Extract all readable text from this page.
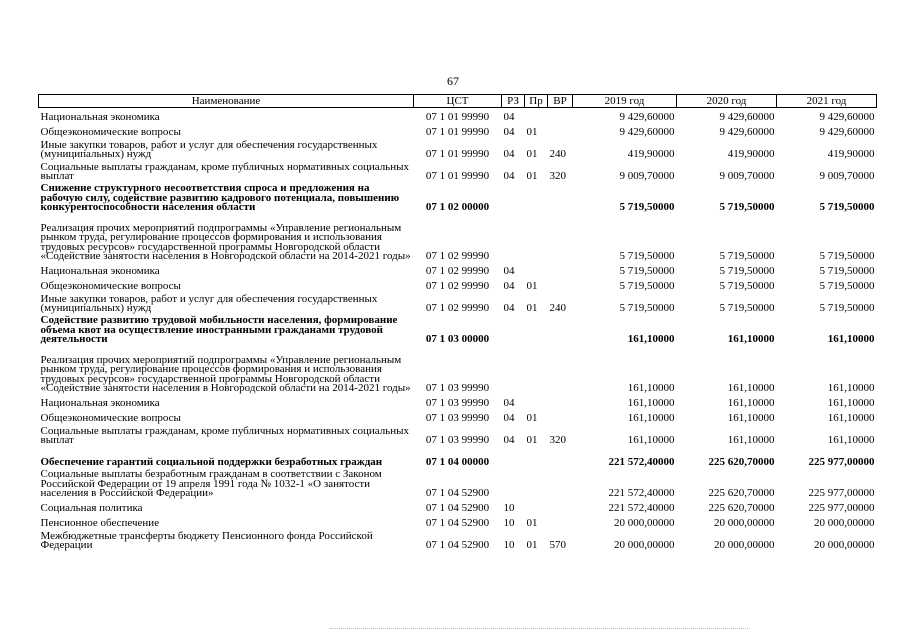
67
Наименование	ЦСТ	РЗ	Пр	ВР	2019 год	2020 год	2021 год
Национальная экономика	07 1 01 99990	04			9 429,60000	9 429,60000	9 429,60000
Общеэкономические вопросы	07 1 01 99990	04	01		9 429,60000	9 429,60000	9 429,60000
Иные закупки товаров, работ и услуг для обеспечения государственных (муниципальных) нужд	07 1 01 99990	04	01	240	419,90000	419,90000	419,90000
Социальные выплаты гражданам, кроме публичных нормативных социальных выплат	07 1 01 99990	04	01	320	9 009,70000	9 009,70000	9 009,70000
Снижение структурного несоответствия спроса и предложения на рабочую силу, содействие развитию кадрового потенциала, повышению конкурентоспособности населения области	07 1 02 00000				5 719,50000	5 719,50000	5 719,50000
Реализация прочих мероприятий подпрограммы «Управление региональным рынком труда, регулирование процессов формирования и использования трудовых ресурсов» государственной программы Новгородской области «Содействие занятости населения в Новгородской области на 2014-2021 годы»	07 1 02 99990				5 719,50000	5 719,50000	5 719,50000
Национальная экономика	07 1 02 99990	04			5 719,50000	5 719,50000	5 719,50000
Общеэкономические вопросы	07 1 02 99990	04	01		5 719,50000	5 719,50000	5 719,50000
Иные закупки товаров, работ и услуг для обеспечения государственных (муниципальных) нужд	07 1 02 99990	04	01	240	5 719,50000	5 719,50000	5 719,50000
Содействие развитию трудовой мобильности населения, формирование объема квот на осуществление иностранными гражданами трудовой деятельности	07 1 03 00000				161,10000	161,10000	161,10000
Реализация прочих мероприятий подпрограммы «Управление региональным рынком труда, регулирование процессов формирования и использования трудовых ресурсов» государственной программы Новгородской области «Содействие занятости населения в Новгородской области на 2014-2021 годы»	07 1 03 99990				161,10000	161,10000	161,10000
Национальная экономика	07 1 03 99990	04			161,10000	161,10000	161,10000
Общеэкономические вопросы	07 1 03 99990	04	01		161,10000	161,10000	161,10000
Социальные выплаты гражданам, кроме публичных нормативных социальных выплат	07 1 03 99990	04	01	320	161,10000	161,10000	161,10000
Обеспечение гарантий социальной поддержки безработных граждан	07 1 04 00000				221 572,40000	225 620,70000	225 977,00000
Социальные выплаты безработным гражданам в соответствии с Законом Российской Федерации от 19 апреля 1991 года № 1032-1 «О занятости населения в Российской Федерации»	07 1 04 52900				221 572,40000	225 620,70000	225 977,00000
Социальная политика	07 1 04 52900	10			221 572,40000	225 620,70000	225 977,00000
Пенсионное обеспечение	07 1 04 52900	10	01		20 000,00000	20 000,00000	20 000,00000
Межбюджетные трансферты бюджету Пенсионного фонда Российской Федерации	07 1 04 52900	10	01	570	20 000,00000	20 000,00000	20 000,00000
